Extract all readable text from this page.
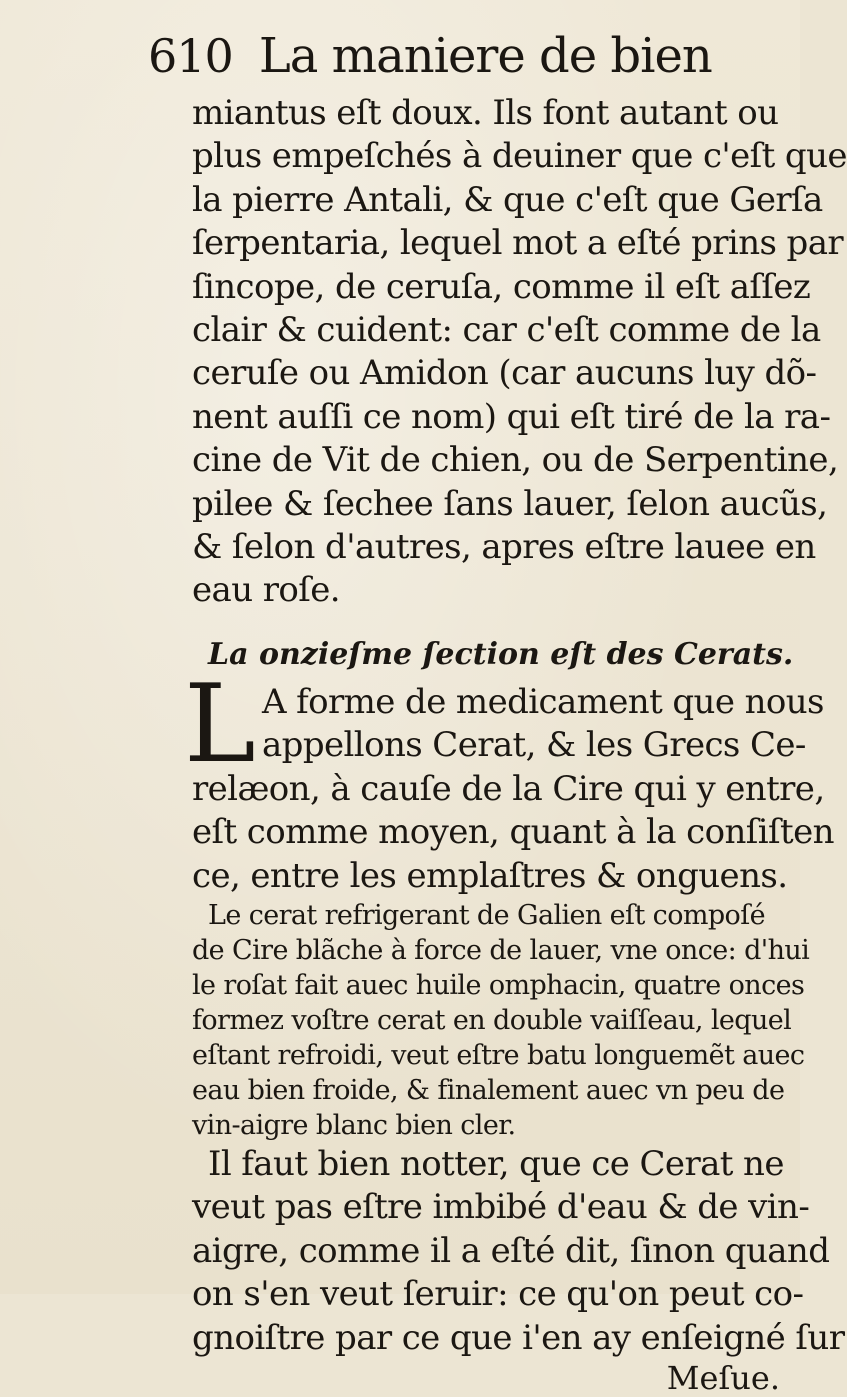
610 La maniere de bien
miantus eſt doux. Ils font autant ou
plus empeſchés à deuiner que c'eſt que
la pierre Antali, & que c'eſt que Gerſa
ſerpentaria, lequel mot a eſté prins par
ſincope, de ceruſa, comme il eſt aſſez
clair & cuident: car c'eſt comme de la
ceruſe ou Amidon (car aucuns luy dõ-
nent auſſi ce nom) qui eſt tiré de la ra-
cine de Vit de chien, ou de Serpentine,
pilee & ſechee ſans lauer, ſelon aucũs,
& ſelon d'autres, apres eſtre lauee en
eau roſe.
La onzieſme ſection eſt des Cerats.
L A forme de medicament que nous
appellons Cerat, & les Grecs Ce-
relæon, à cauſe de la Cire qui y entre,
eſt comme moyen, quant à la conſiſten
ce, entre les emplaſtres & onguens.
Le cerat refrigerant de Galien eſt compoſé
de Cire blãche à force de lauer, vne once: d'hui
le roſat fait auec huile omphacin, quatre onces
formez voſtre cerat en double vaiſſeau, lequel
eſtant refroidi, veut eſtre batu longuemẽt auec
eau bien froide, & finalement auec vn peu de
vin-aigre blanc bien cler.
Il faut bien notter, que ce Cerat ne
veut pas eſtre imbibé d'eau & de vin-
aigre, comme il a eſté dit, ſinon quand
on s'en veut ſeruir: ce qu'on peut co-
gnoiſtre par ce que i'en ay enſeigné ſur
Meſue.
